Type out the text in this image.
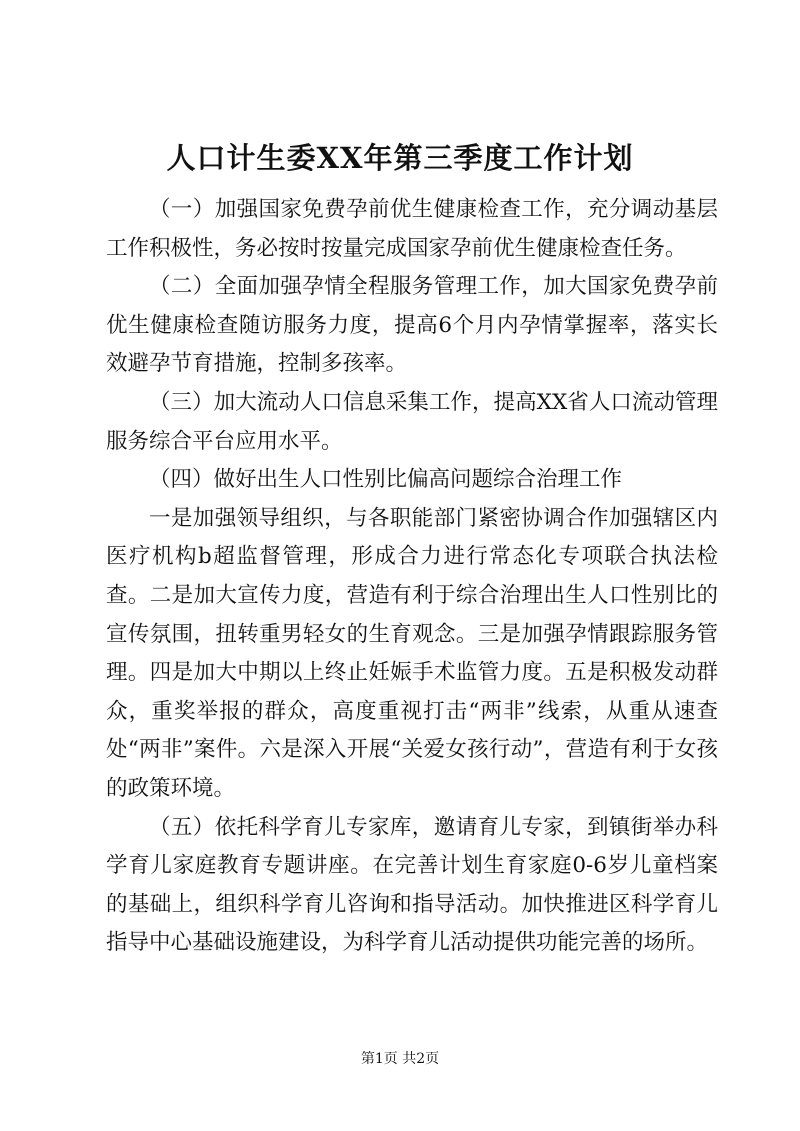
人口计生委XX年第三季度工作计划

（一）加强国家免费孕前优生健康检查工作，充分调动基层工作积极性，务必按时按量完成国家孕前优生健康检查任务。

（二）全面加强孕情全程服务管理工作，加大国家免费孕前优生健康检查随访服务力度，提高6个月内孕情掌握率，落实长效避孕节育措施，控制多孩率。

（三）加大流动人口信息采集工作，提高XX省人口流动管理服务综合平台应用水平。

（四）做好出生人口性别比偏高问题综合治理工作

一是加强领导组织，与各职能部门紧密协调合作加强辖区内医疗机构b超监督管理，形成合力进行常态化专项联合执法检查。二是加大宣传力度，营造有利于综合治理出生人口性别比的宣传氛围，扭转重男轻女的生育观念。三是加强孕情跟踪服务管理。四是加大中期以上终止妊娠手术监管力度。五是积极发动群众，重奖举报的群众，高度重视打击“两非”线索，从重从速查处“两非”案件。六是深入开展“关爱女孩行动”，营造有利于女孩的政策环境。

（五）依托科学育儿专家库，邀请育儿专家，到镇街举办科学育儿家庭教育专题讲座。在完善计划生育家庭0-6岁儿童档案的基础上，组织科学育儿咨询和指导活动。加快推进区科学育儿指导中心基础设施建设，为科学育儿活动提供功能完善的场所。

第1页 共2页
